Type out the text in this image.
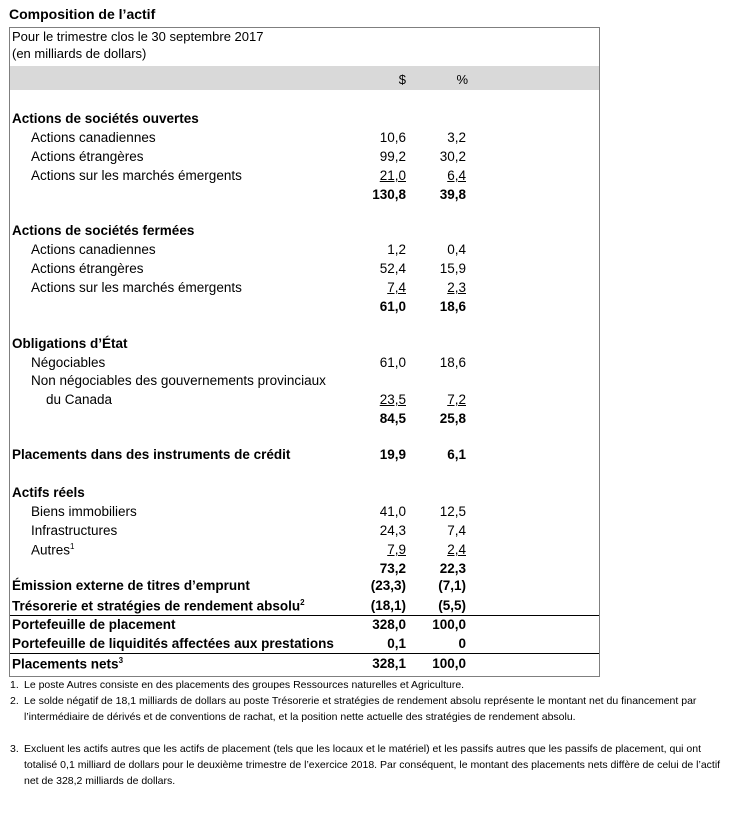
Composition de l’actif
Pour le trimestre clos le 30 septembre 2017
(en milliards de dollars)
$	%
Actions de sociétés ouvertes
Actions canadiennes	10,6	3,2
Actions étrangères	99,2 30,2
Actions sur les marchés émergents	21,0	6,4
130,8 39,8
Actions de sociétés fermées
Actions canadiennes	1,2	0,4
Actions étrangères	52,4 15,9
Actions sur les marchés émergents	7,4	2,3
61,0 18,6
Obligations d’État
Négociables	61,0 18,6
Non négociables des gouvernements provinciaux
du Canada	23,5	7,2
84,5 25,8
Placements dans des instruments de crédit	19,9	6,1
Actifs réels
Biens immobiliers	41,0 12,5
Infrastructures	24,3	7,4
Autres$^1$	7,9	2,4
73,2 22,3
Émission externe de titres d’emprunt	(23,3) (7,1)
Trésorerie et stratégies de rendement absolu$^2$	(18,1) (5,5)
Portefeuille de placement	328,0 100,0
Portefeuille de liquidités affectées aux prestations	0,1	0
Placements nets$^3$	328,1 100,0
1. Le poste Autres consiste en des placements des groupes Ressources naturelles et Agriculture.
2. Le solde négatif de 18,1 milliards de dollars au poste Trésorerie et stratégies de rendement absolu représente le montant net du financement par l’intermédiaire de dérivés et de conventions de rachat, et la position nette actuelle des stratégies de rendement absolu.
3. Excluent les actifs autres que les actifs de placement (tels que les locaux et le matériel) et les passifs autres que les passifs de placement, qui ont totalisé 0,1 milliard de dollars pour le deuxième trimestre de l’exercice 2018. Par conséquent, le montant des placements nets diffère de celui de l’actif net de 328,2 milliards de dollars.
